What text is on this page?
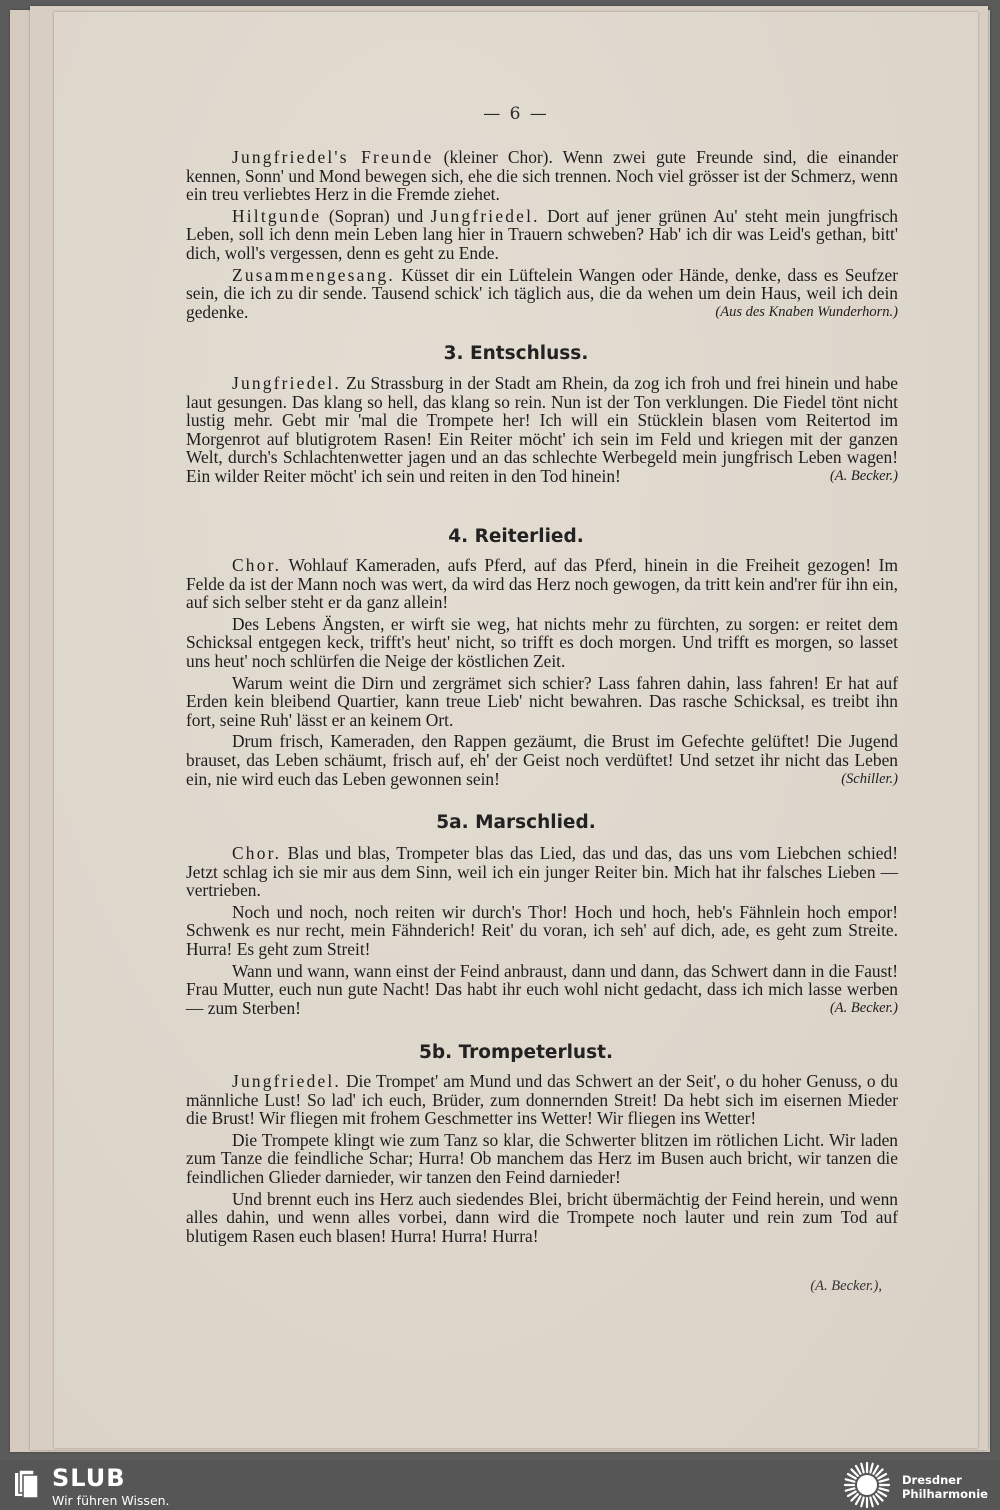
— 6 —

Jungfriedel's Freunde (kleiner Chor). Wenn zwei gute Freunde sind, die einander kennen, Sonn' und Mond bewegen sich, ehe die sich trennen. Noch viel grösser ist der Schmerz, wenn ein treu verliebtes Herz in die Fremde ziehet.

Hiltgunde (Sopran) und Jungfriedel. Dort auf jener grünen Au' steht mein jungfrisch Leben, soll ich denn mein Leben lang hier in Trauern schweben? Hab' ich dir was Leid's gethan, bitt' dich, woll's vergessen, denn es geht zu Ende.

Zusammengesang. Küsset dir ein Lüftelein Wangen oder Hände, denke, dass es Seufzer sein, die ich zu dir sende. Tausend schick' ich täglich aus, die da wehen um dein Haus, weil ich dein gedenke.	(Aus des Knaben Wunderhorn.)

3. Entschluss.

Jungfriedel. Zu Strassburg in der Stadt am Rhein, da zog ich froh und frei hinein und habe laut gesungen. Das klang so hell, das klang so rein. Nun ist der Ton verklungen. Die Fiedel tönt nicht lustig mehr. Gebt mir 'mal die Trompete her! Ich will ein Stücklein blasen vom Reitertod im Morgenrot auf blutigrotem Rasen! Ein Reiter möcht' ich sein im Feld und kriegen mit der ganzen Welt, durch's Schlachtenwetter jagen und an das schlechte Werbegeld mein jungfrisch Leben wagen! Ein wilder Reiter möcht' ich sein und reiten in den Tod hinein!	(A. Becker.)

4. Reiterlied.

Chor. Wohlauf Kameraden, aufs Pferd, auf das Pferd, hinein in die Freiheit gezogen! Im Felde da ist der Mann noch was wert, da wird das Herz noch gewogen, da tritt kein and'rer für ihn ein, auf sich selber steht er da ganz allein!

Des Lebens Ängsten, er wirft sie weg, hat nichts mehr zu fürchten, zu sorgen: er reitet dem Schicksal entgegen keck, trifft's heut' nicht, so trifft es doch morgen. Und trifft es morgen, so lasset uns heut' noch schlürfen die Neige der köstlichen Zeit.

Warum weint die Dirn und zergrämet sich schier? Lass fahren dahin, lass fahren! Er hat auf Erden kein bleibend Quartier, kann treue Lieb' nicht bewahren. Das rasche Schicksal, es treibt ihn fort, seine Ruh' lässt er an keinem Ort.

Drum frisch, Kameraden, den Rappen gezäumt, die Brust im Gefechte gelüftet! Die Jugend brauset, das Leben schäumt, frisch auf, eh' der Geist noch verdüftet! Und setzet ihr nicht das Leben ein, nie wird euch das Leben gewonnen sein!	(Schiller.)

5a. Marschlied.

Chor. Blas und blas, Trompeter blas das Lied, das und das, das uns vom Liebchen schied! Jetzt schlag ich sie mir aus dem Sinn, weil ich ein junger Reiter bin. Mich hat ihr falsches Lieben — vertrieben.

Noch und noch, noch reiten wir durch's Thor! Hoch und hoch, heb's Fähnlein hoch empor! Schwenk es nur recht, mein Fähnderich! Reit' du voran, ich seh' auf dich, ade, es geht zum Streite. Hurra! Es geht zum Streit!

Wann und wann, wann einst der Feind anbraust, dann und dann, das Schwert dann in die Faust! Frau Mutter, euch nun gute Nacht! Das habt ihr euch wohl nicht gedacht, dass ich mich lasse werben — zum Sterben!	(A. Becker.)

5b. Trompeterlust.

Jungfriedel. Die Trompet' am Mund und das Schwert an der Seit', o du hoher Genuss, o du männliche Lust! So lad' ich euch, Brüder, zum donnernden Streit! Da hebt sich im eisernen Mieder die Brust! Wir fliegen mit frohem Geschmetter ins Wetter! Wir fliegen ins Wetter!

Die Trompete klingt wie zum Tanz so klar, die Schwerter blitzen im rötlichen Licht. Wir laden zum Tanze die feindliche Schar; Hurra! Ob manchem das Herz im Busen auch bricht, wir tanzen die feindlichen Glieder darnieder, wir tanzen den Feind darnieder!

Und brennt euch ins Herz auch siedendes Blei, bricht übermächtig der Feind herein, und wenn alles dahin, und wenn alles vorbei, dann wird die Trompete noch lauter und rein zum Tod auf blutigem Rasen euch blasen! Hurra! Hurra! Hurra!

(A. Becker.),
SLUB
Wir führen Wissen.
Dresdner
Philharmonie
